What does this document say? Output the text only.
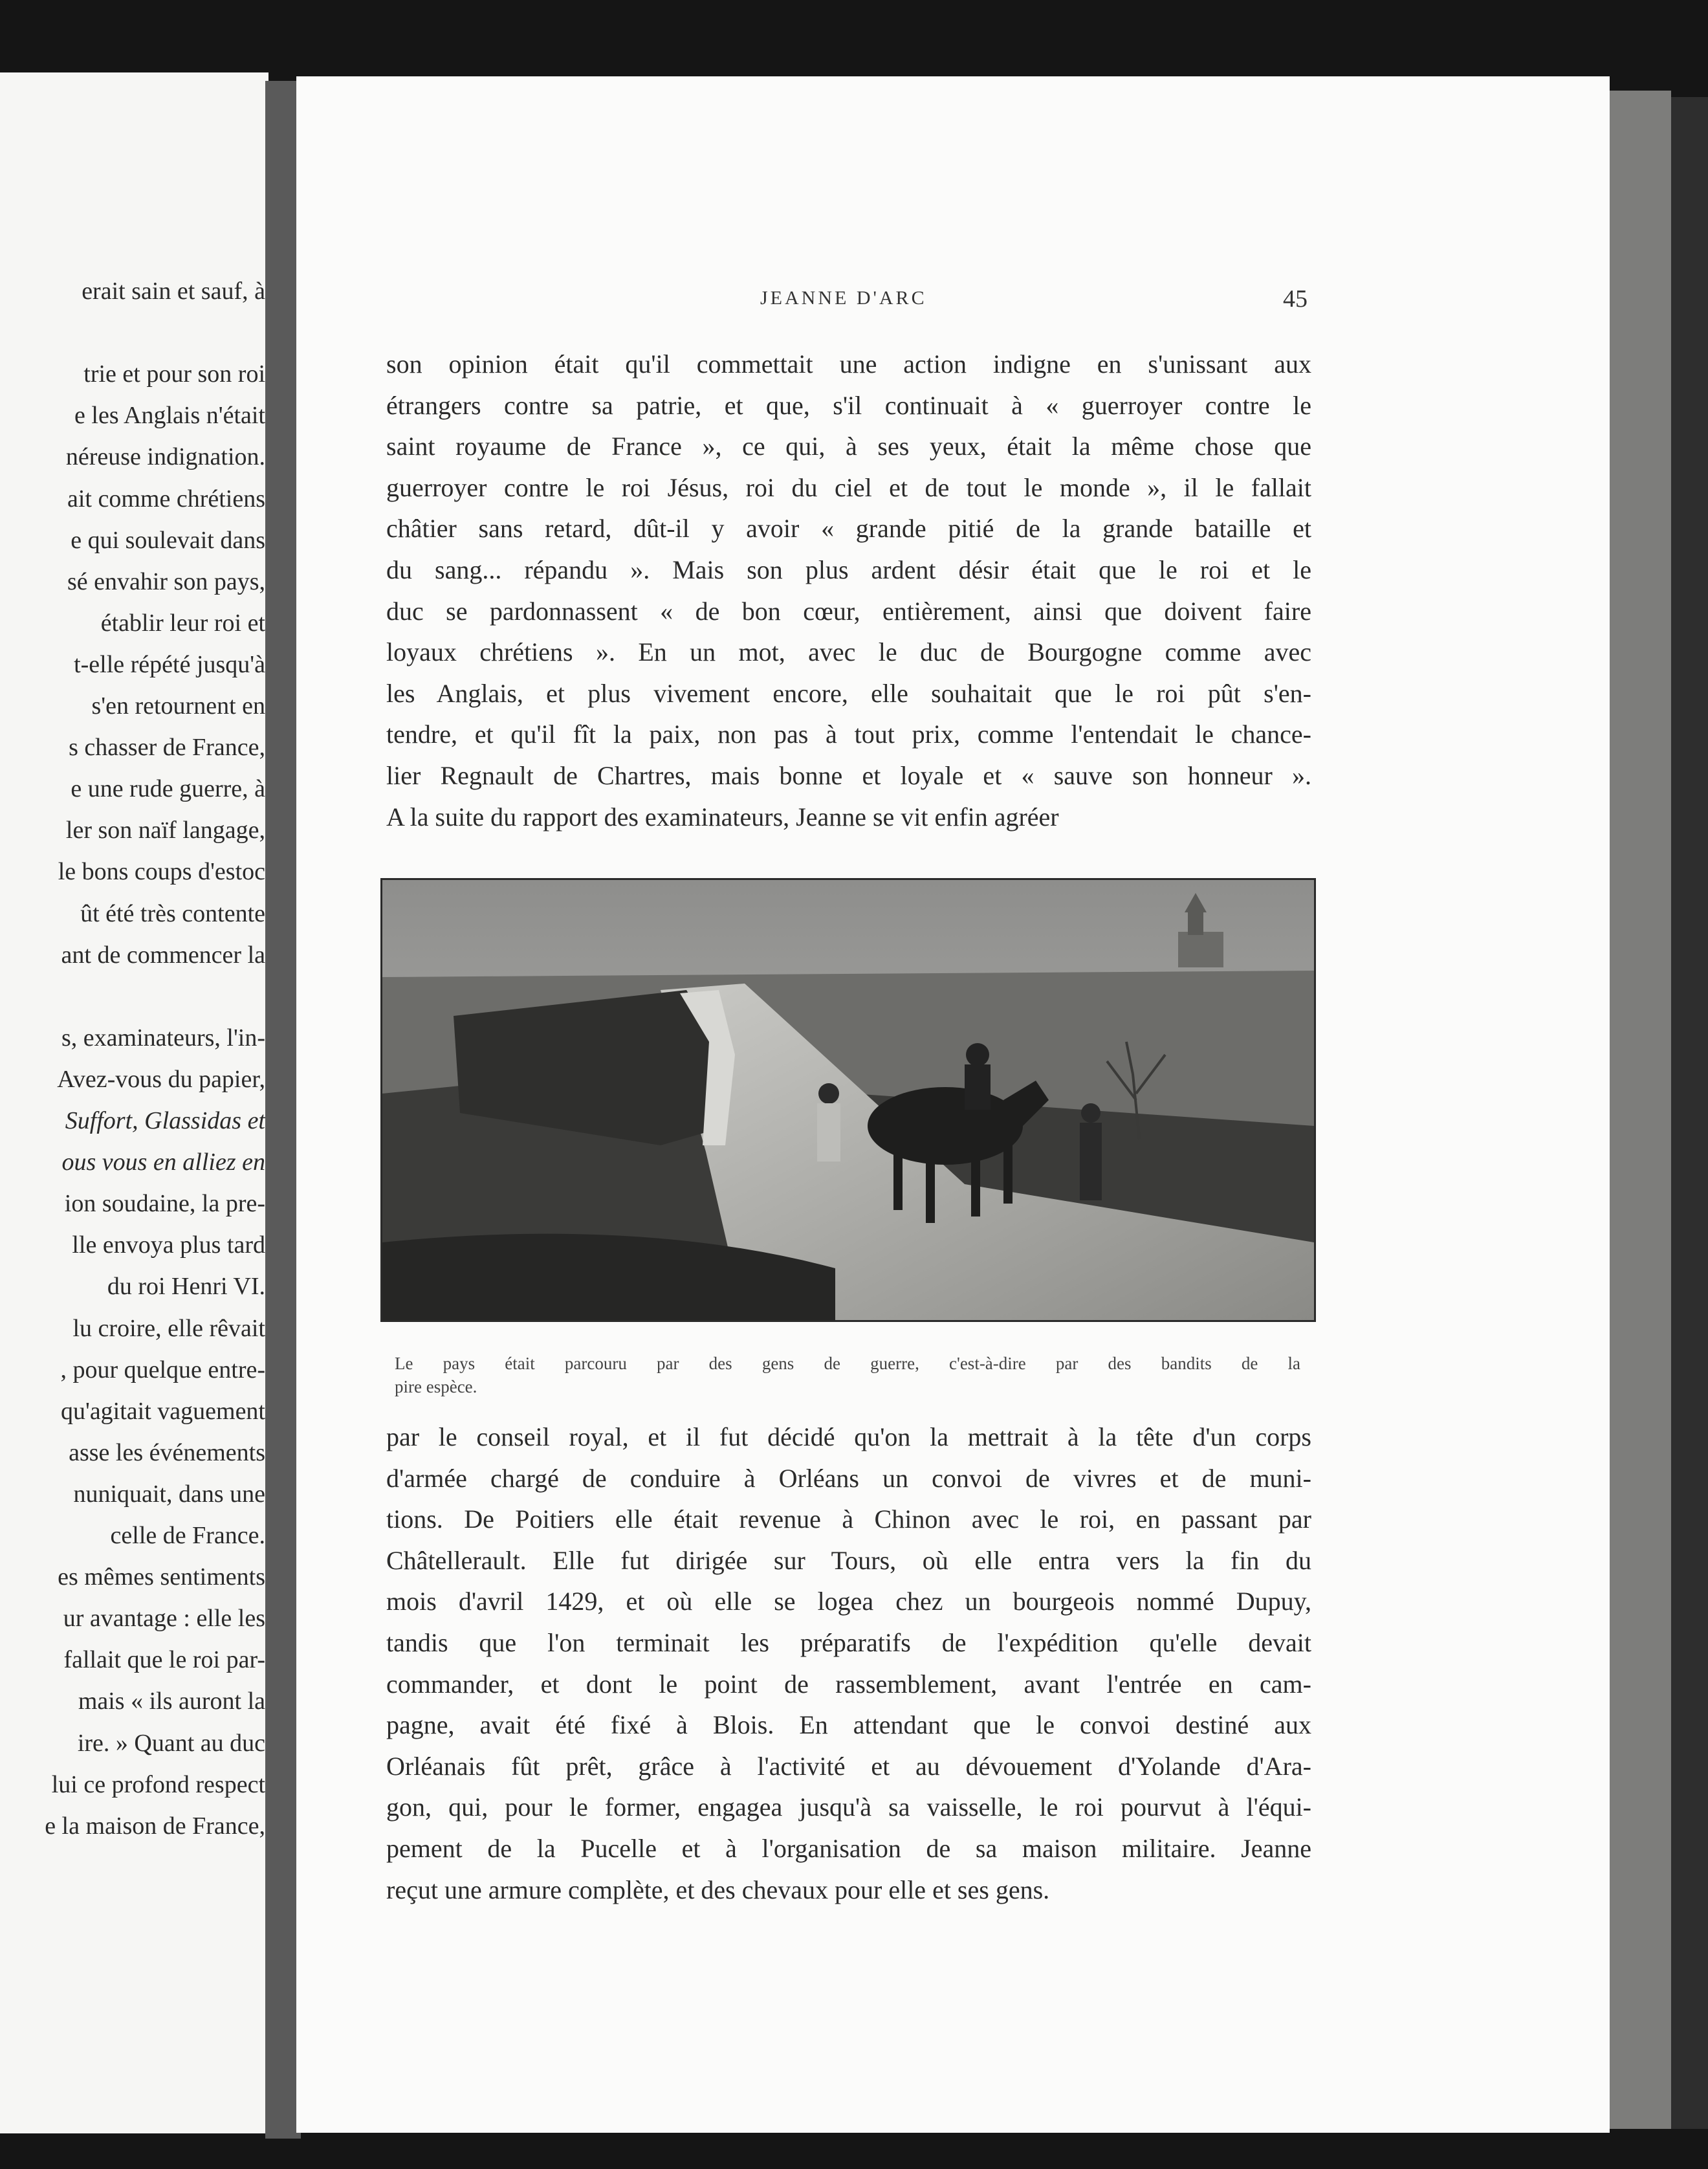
erait sain et sauf, à
trie et pour son roi
e les Anglais n'était
néreuse indignation.
ait comme chrétiens
e qui soulevait dans
sé envahir son pays,
établir leur roi et
t-elle répété jusqu'à
s'en retournent en
s chasser de France,
e une rude guerre, à
ler son naïf langage,
le bons coups d'estoc
ût été très contente
ant de commencer la
s, examinateurs, l'in-
Avez-vous du papier,
Suffort, Glassidas et
ous vous en alliez en
ion soudaine, la pre-
lle envoya plus tard
du roi Henri VI.
lu croire, elle rêvait
, pour quelque entre-
qu'agitait vaguement
asse les événements
nuniquait, dans une
celle de France.
es mêmes sentiments
ur avantage : elle les
fallait que le roi par-
mais « ils auront la
ire. » Quant au duc
lui ce profond respect
e la maison de France,
JEANNE D'ARC	45
son opinion était qu'il commettait une action indigne en s'unissant aux
étrangers contre sa patrie, et que, s'il continuait à « guerroyer contre le
saint royaume de France », ce qui, à ses yeux, était la même chose que
guerroyer contre le roi Jésus, roi du ciel et de tout le monde », il le fallait
châtier sans retard, dût-il y avoir « grande pitié de la grande bataille et
du sang... répandu ». Mais son plus ardent désir était que le roi et le
duc se pardonnassent « de bon cœur, entièrement, ainsi que doivent faire
loyaux chrétiens ». En un mot, avec le duc de Bourgogne comme avec
les Anglais, et plus vivement encore, elle souhaitait que le roi pût s'en-
tendre, et qu'il fît la paix, non pas à tout prix, comme l'entendait le chance-
lier Regnault de Chartres, mais bonne et loyale et « sauve son honneur ».
A la suite du rapport des examinateurs, Jeanne se vit enfin agréer
Le pays était parcouru par des gens de guerre, c'est-à-dire par des bandits de la
pire espèce.
par le conseil royal, et il fut décidé qu'on la mettrait à la tête d'un corps
d'armée chargé de conduire à Orléans un convoi de vivres et de muni-
tions. De Poitiers elle était revenue à Chinon avec le roi, en passant par
Châtellerault. Elle fut dirigée sur Tours, où elle entra vers la fin du
mois d'avril 1429, et où elle se logea chez un bourgeois nommé Dupuy,
tandis que l'on terminait les préparatifs de l'expédition qu'elle devait
commander, et dont le point de rassemblement, avant l'entrée en cam-
pagne, avait été fixé à Blois. En attendant que le convoi destiné aux
Orléanais fût prêt, grâce à l'activité et au dévouement d'Yolande d'Ara-
gon, qui, pour le former, engagea jusqu'à sa vaisselle, le roi pourvut à l'équi-
pement de la Pucelle et à l'organisation de sa maison militaire. Jeanne
reçut une armure complète, et des chevaux pour elle et ses gens.
